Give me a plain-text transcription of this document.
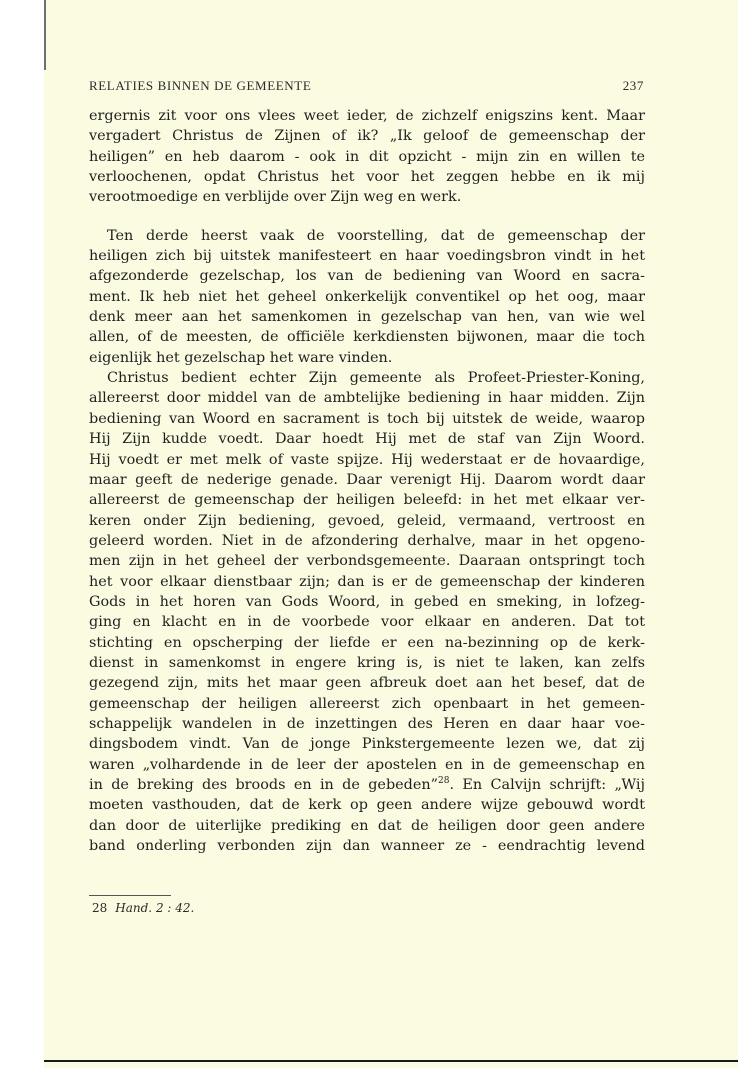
RELATIES BINNEN DE GEMEENTE	237

ergernis zit voor ons vlees weet ieder, de zichzelf enigszins kent. Maar

vergadert Christus de Zijnen of ik? „Ik geloof de gemeenschap der

heiligen” en heb daarom - ook in dit opzicht - mijn zin en willen te

verloochenen, opdat Christus het voor het zeggen hebbe en ik mij

verootmoedige en verblijde over Zijn weg en werk.

Ten derde heerst vaak de voorstelling, dat de gemeenschap der

heiligen zich bij uitstek manifesteert en haar voedingsbron vindt in het

afgezonderde gezelschap, los van de bediening van Woord en sacra-

ment. Ik heb niet het geheel onkerkelijk conventikel op het oog, maar

denk meer aan het samenkomen in gezelschap van hen, van wie wel

allen, of de meesten, de officiële kerkdiensten bijwonen, maar die toch

eigenlijk het gezelschap het ware vinden.

Christus bedient echter Zijn gemeente als Profeet-Priester-Koning,

allereerst door middel van de ambtelijke bediening in haar midden. Zijn

bediening van Woord en sacrament is toch bij uitstek de weide, waarop

Hij Zijn kudde voedt. Daar hoedt Hij met de staf van Zijn Woord.

Hij voedt er met melk of vaste spijze. Hij wederstaat er de hovaardige,

maar geeft de nederige genade. Daar verenigt Hij. Daarom wordt daar

allereerst de gemeenschap der heiligen beleefd: in het met elkaar ver-

keren onder Zijn bediening, gevoed, geleid, vermaand, vertroost en

geleerd worden. Niet in de afzondering derhalve, maar in het opgeno-

men zijn in het geheel der verbondsgemeente. Daaraan ontspringt toch

het voor elkaar dienstbaar zijn; dan is er de gemeenschap der kinderen

Gods in het horen van Gods Woord, in gebed en smeking, in lofzeg-

ging en klacht en in de voorbede voor elkaar en anderen. Dat tot

stichting en opscherping der liefde er een na-bezinning op de kerk-

dienst in samenkomst in engere kring is, is niet te laken, kan zelfs

gezegend zijn, mits het maar geen afbreuk doet aan het besef, dat de

gemeenschap der heiligen allereerst zich openbaart in het gemeen-

schappelijk wandelen in de inzettingen des Heren en daar haar voe-

dingsbodem vindt. Van de jonge Pinkstergemeente lezen we, dat zij

waren „volhardende in de leer der apostelen en in de gemeenschap en

in de breking des broods en in de gebeden”$^{28}$. En Calvijn schrijft: „Wij

moeten vasthouden, dat de kerk op geen andere wijze gebouwd wordt

dan door de uiterlijke prediking en dat de heiligen door geen andere

band onderling verbonden zijn dan wanneer ze - eendrachtig levend

28 Hand. 2 : 42.
